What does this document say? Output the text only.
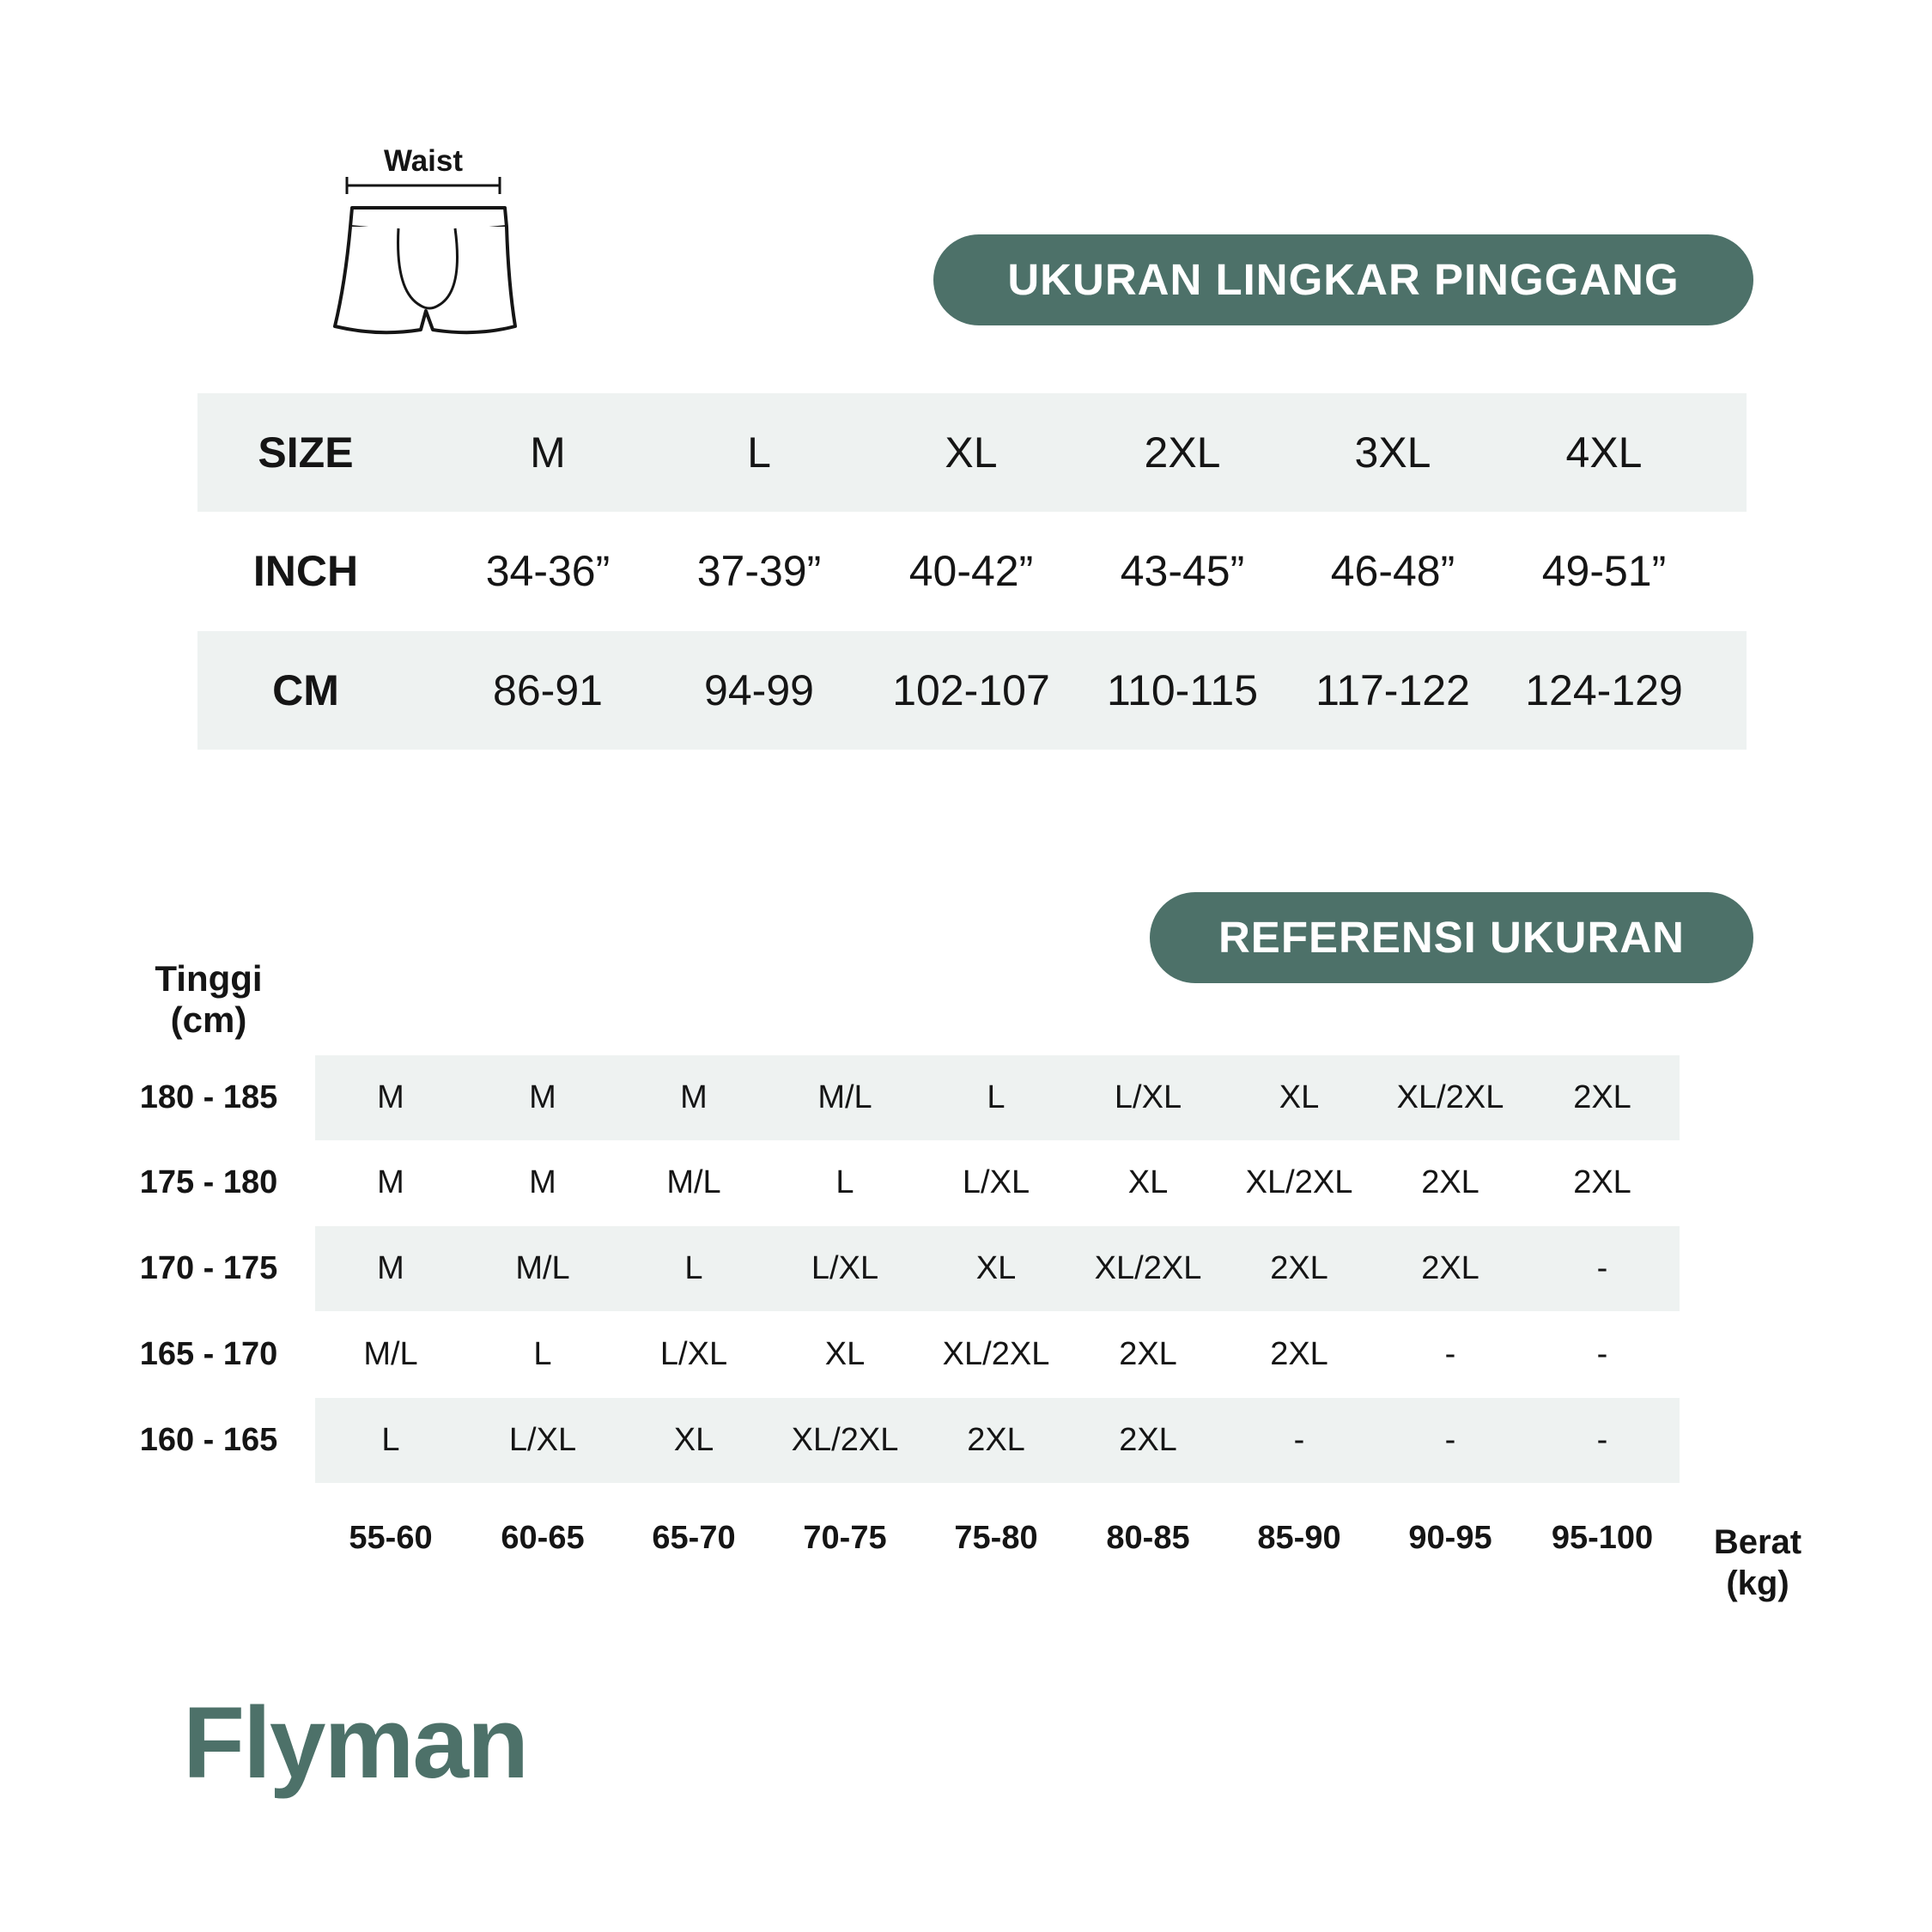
Waist
UKURAN LINGKAR PINGGANG
REFERENSI UKURAN
SIZE	M	L	XL	2XL	3XL	4XL
INCH	34-36”	37-39”	40-42”	43-45”	46-48”	49-51”
CM	86-91	94-99	102-107	110-115	117-122	124-129
Tinggi
(cm)
180 - 185	M	M	M	M/L	L	L/XL	XL	XL/2XL	2XL
175 - 180	M	M	M/L	L	L/XL	XL	XL/2XL	2XL	2XL
170 - 175	M	M/L	L	L/XL	XL	XL/2XL	2XL	2XL	-
165 - 170	M/L	L	L/XL	XL	XL/2XL	2XL	2XL	-	-
160 - 165	L	L/XL	XL	XL/2XL	2XL	2XL	-	-	-
55-60	60-65	65-70	70-75	75-80	80-85	85-90	90-95	95-100	Berat
(kg)
Flyman
